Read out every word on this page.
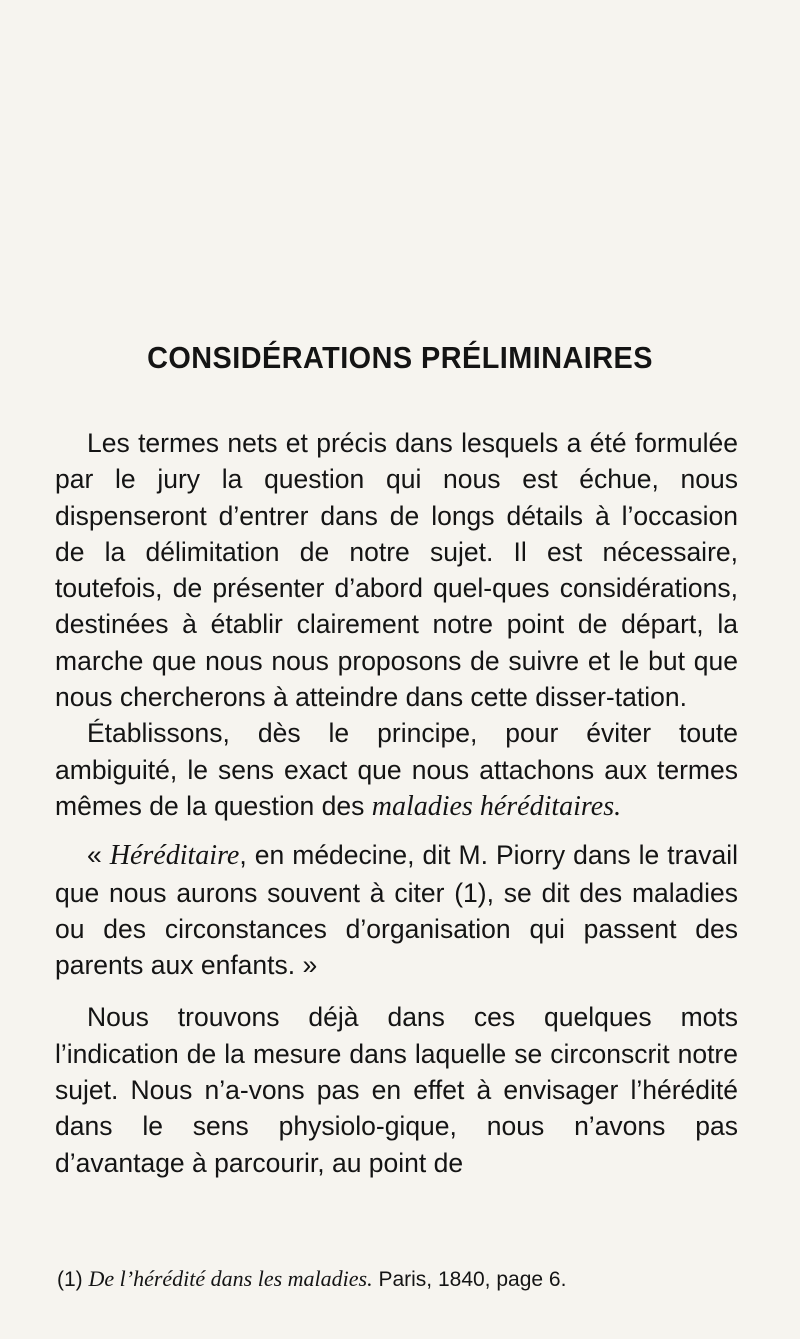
CONSIDÉRATIONS PRÉLIMINAIRES

Les termes nets et précis dans lesquels a été formulée par le jury la question qui nous est échue, nous dispenseront d’entrer dans de longs détails à l’occasion de la délimitation de notre sujet. Il est nécessaire, toutefois, de présenter d’abord quel-ques considérations, destinées à établir clairement notre point de départ, la marche que nous nous proposons de suivre et le but que nous chercherons à atteindre dans cette disser-tation.

Établissons, dès le principe, pour éviter toute ambiguité, le sens exact que nous attachons aux termes mêmes de la question des maladies héréditaires.

« Héréditaire, en médecine, dit M. Piorry dans le travail que nous aurons souvent à citer (1), se dit des maladies ou des circonstances d’organisation qui passent des parents aux enfants. »

Nous trouvons déjà dans ces quelques mots l’indication de la mesure dans laquelle se circonscrit notre sujet. Nous n’a-vons pas en effet à envisager l’hérédité dans le sens physiolo-gique, nous n’avons pas d’avantage à parcourir, au point de

(1) De l’hérédité dans les maladies. Paris, 1840, page 6.
